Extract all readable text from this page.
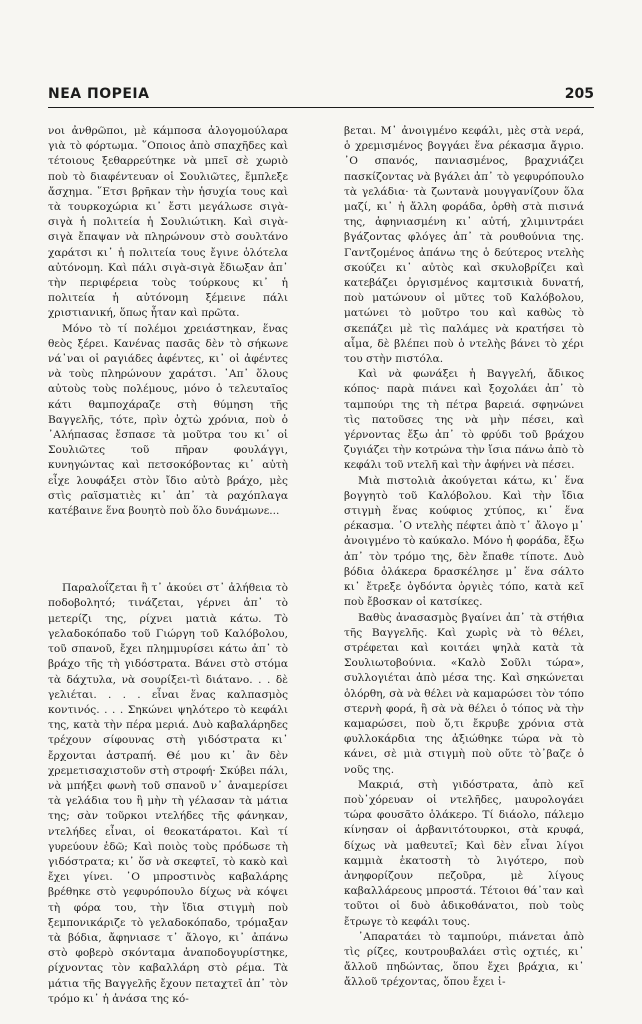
ΝΕΑ ΠΟΡΕΙΑ	205

νοι ἀνθρῶποι, μὲ κάμποσα ἀλογομούλαρα γιὰ τὸ φόρτωμα. ῞Οποιος ἀπὸ σπαχῆδες καὶ τέτοιους ξεθαρρεύτηκε νὰ μπεῖ σὲ χωριὸ ποὺ τὸ διαφέντευαν οἱ Σουλιῶτες, ἔμπλεξε ἄσχημα. ῞Ετσι βρῆκαν τὴν ἡσυχία τους καὶ τὰ τουρκοχώρια κι᾿ ἔστι μεγάλωσε σιγὰ-σιγὰ ἡ πολιτεία ἡ Σουλιώτικη. Καὶ σιγὰ-σιγὰ ἔπαψαν νὰ πληρώνουν στὸ σουλτάνο χαράτσι κι᾿ ἡ πολιτεία τους ἔγινε ὁλότελα αὐτόνομη. Καὶ πάλι σιγὰ-σιγὰ ἔδιωξαν ἀπ᾿ τὴν περιφέρεια τοὺς τούρκους κι᾿ ἡ πολιτεία ἡ αὐτόνομη ξέμεινε πάλι χριστιανική, ὅπως ἦταν καὶ πρῶτα.

Μόνο τὸ τί πολέμοι χρειάστηκαν, ἕνας θεὸς ξέρει. Κανένας πασᾶς δὲν τὸ σήκωνε νά᾿ναι οἱ ραγιάδες ἀφέντες, κι᾿ οἱ ἀφέντες νὰ τοὺς πληρώνουν χαράτσι. ᾿Απ᾿ ὅλους αὐτοὺς τοὺς πολέμους, μόνο ὁ τελευταῖος κάτι θαμποχάραζε στὴ θύμηση τῆς Βαγγελῆς, τότε, πρὶν ὀχτὼ χρόνια, ποὺ ὁ ᾿Αλήπασας ἔσπασε τὰ μοῦτρα του κι᾿ οἱ Σουλιῶτες τοῦ πῆραν φουλάγγι, κυνηγώντας καὶ πετσοκόβοντας κι᾿ αὐτὴ εἶχε λουφάξει στὸν ἴδιο αὐτὸ βράχο, μὲς στὶς ραϊσματιὲς κι᾿ ἀπ᾿ τὰ ραχόπλαγα κατέβαινε ἕνα βουητὸ ποὺ ὅλο δυνάμωνε...

Παραλοΐζεται ἢ τ᾿ ἀκούει στ᾿ ἀλήθεια τὸ ποδοβολητό; τινάζεται, γέρνει ἀπ᾿ τὸ μετερίζι της, ρίχνει ματιὰ κάτω. Τὸ γελαδοκόπαδο τοῦ Γιώργη τοῦ Καλόβολου, τοῦ σπανοῦ, ἔχει πλημμυρίσει κάτω ἀπ᾿ τὸ βράχο τῆς τὴ γιδόστρατα. Βάνει στὸ στόμα τὰ δάχτυλα, νὰ σουρίξει-τὶ διάτανο. . . δὲ γελιέται. . . . εἶναι ἕνας καλπασμὸς κοντινός. . . . Σηκώνει ψηλότερο τὸ κεφάλι της, κατὰ τὴν πέρα μεριά. Δυὸ καβαλάρηδες τρέχουν σίφουνας στὴ γιδόστρατα κι᾿ ἔρχονται ἀστραπή. Θέ μου κι᾿ ἂν δὲν χρεμετισαχιστοῦν στὴ στροφή· Σκύβει πάλι, νὰ μπήξει φωνὴ τοῦ σπανοῦ ν᾿ ἀναμερίσει τὰ γελάδια του ἢ μὴν τὴ γέλασαν τὰ μάτια της; σὰν τοῦρκοι ντελήδες τῆς φάνηκαν, ντελήδες εἶναι, οἱ θεοκατάρατοι. Καὶ τί γυρεύουν ἐδῶ; Καὶ ποιὸς τοὺς πρόδωσε τὴ γιδόστρατα; κι᾿ ὅσ νὰ σκεφτεῖ, τὸ κακὸ καὶ ἔχει γίνει. ᾿Ο μπροστινὸς καβαλάρης βρέθηκε στὸ γεφυρόπουλο δίχως νὰ κόψει τὴ φόρα του, τὴν ἴδια στιγμὴ ποὺ ξεμπονικάριζε τὸ γελαδοκόπαδο, τρόμαξαν τὰ βόδια, ἄφηνιασε τ᾿ ἄλογο, κι᾿ ἀπάνω στὸ φοβερὸ σκόνταμα ἀναποδογυρίστηκε, ρίχνοντας τὸν καβαλλάρη στὸ ρέμα. Τὰ μάτια τῆς Βαγγελῆς ἔχουν πεταχτεῖ ἀπ᾿ τὸν τρόμο κι᾿ ἡ ἀνάσα της κό-

βεται. Μ᾿ ἀνοιγμένο κεφάλι, μὲς στὰ νερά, ὁ χρεμισμένος βογγάει ἕνα ρέκασμα ἄγριο. ᾿Ο σπανός, πανιασμένος, βραχνιάζει πασκίζοντας νὰ βγάλει ἀπ᾿ τὸ γεφυρόπουλο τὰ γελάδια· τὰ ζωντανὰ μουγγανίζουν ὅλα μαζί, κι᾿ ἡ ἄλλη φοράδα, ὀρθὴ στὰ πισινά της, ἀφηνιασμένη κι᾿ αὐτή, χλιμιντράει βγάζοντας φλόγες ἀπ᾿ τὰ ρουθούνια της. Γαντζομένος ἀπάνω της ὁ δεύτερος ντελὴς σκούζει κι᾿ αὐτὸς καὶ σκυλοβρίζει καὶ κατεβάζει ὀργισμένος καμτσικιὰ δυνατή, ποὺ ματώνουν οἱ μῦτες τοῦ Καλόβολου, ματώνει τὸ μοῦτρο του καὶ καθὼς τὸ σκεπάζει μὲ τὶς παλάμες νὰ κρατήσει τὸ αἷμα, δὲ βλέπει ποὺ ὁ ντελὴς βάνει τὸ χέρι του στὴν πιστόλα.

Καὶ νὰ φωνάξει ἡ Βαγγελή, ἄδικος κόπος· παρὰ πιάνει καὶ ξοχολάει ἀπ᾿ τὸ ταμπούρι της τὴ πέτρα βαρειά. σφηνώνει τὶς πατοῦσες της νὰ μὴν πέσει, καὶ γέρνοντας ἔξω ἀπ᾿ τὸ φρύδι τοῦ βράχου ζυγιάζει τὴν κοτρώνα τὴν ἴσια πάνω ἀπὸ τὸ κεφάλι τοῦ ντελῆ καὶ τὴν ἀφήνει νὰ πέσει.

Μιὰ πιστολιὰ ἀκούγεται κάτω, κι᾿ ἕνα βογγητὸ τοῦ Καλόβολου. Καὶ τὴν ἴδια στιγμὴ ἕνας κούφιος χτύπος, κι᾿ ἕνα ρέκασμα. ᾿Ο ντελὴς πέφτει ἀπὸ τ᾿ ἄλογο μ᾿ ἀνοιγμένο τὸ καύκαλο. Μόνο ἡ φοράδα, ἔξω ἀπ᾿ τὸν τρόμο της, δὲν ἔπαθε τίποτε. Δυὸ βόδια ὁλάκερα δρασκέλησε μ᾿ ἕνα σάλτο κι᾿ ἔτρεξε ὀγδόντα ὀργιὲς τόπο, κατὰ κεῖ ποὺ ἔβοσκαν οἱ κατσίκες.

Βαθὺς ἀνασασμὸς βγαίνει ἀπ᾿ τὰ στήθια τῆς Βαγγελῆς. Καὶ χωρὶς νὰ τὸ θέλει, στρέφεται καὶ κοιτάει ψηλὰ κατὰ τὰ Σουλιωτοβούνια. «Καλὸ Σοῦλι τώρα», συλλογιέται ἀπὸ μέσα της. Καὶ σηκώνεται ὁλόρθη, σὰ νὰ θέλει νὰ καμαρώσει τὸν τόπο στερνὴ φορά, ἢ σὰ νὰ θέλει ὁ τόπος νὰ τὴν καμαρώσει, ποὺ ὅ,τι ἔκρυβε χρόνια στὰ φυλλοκάρδια της ἀξιώθηκε τώρα νὰ τὸ κάνει, σὲ μιὰ στιγμὴ ποὺ οὔτε τὸ᾿βαζε ὁ νοῦς της.

Μακριά, στὴ γιδόστρατα, ἀπὸ κεῖ ποὺ᾿χόρευαν οἱ ντελῆδες, μαυρολογάει τώρα φουσᾶτο ὁλάκερο. Τί διάολο, πάλεμο κίνησαν οἱ ἀρβανιτότουρκοι, στὰ κρυφά, δίχως νὰ μαθευτεῖ; Καὶ δὲν εἶναι λίγοι καμμιὰ ἑκατοστὴ τὸ λιγότερο, ποὺ ἀνηφορίζουν πεζοῦρα, μὲ λίγους καβαλλάρεους μπροστά. Τέτοιοι θά᾿ταν καὶ τοῦτοι οἱ δυὸ ἀδικοθάνατοι, ποὺ τοὺς ἔτρωγε τὸ κεφάλι τους.

᾿Απαρατάει τὸ ταμπούρι, πιάνεται ἀπὸ τὶς ρίζες, κουτρουβαλάει στὶς οχτιές, κι᾿ ἄλλοῦ πηδώντας, ὅπου ἔχει βράχια, κι᾿ ἄλλοῦ τρέχοντας, ὅπου ἔχει ἰ-
